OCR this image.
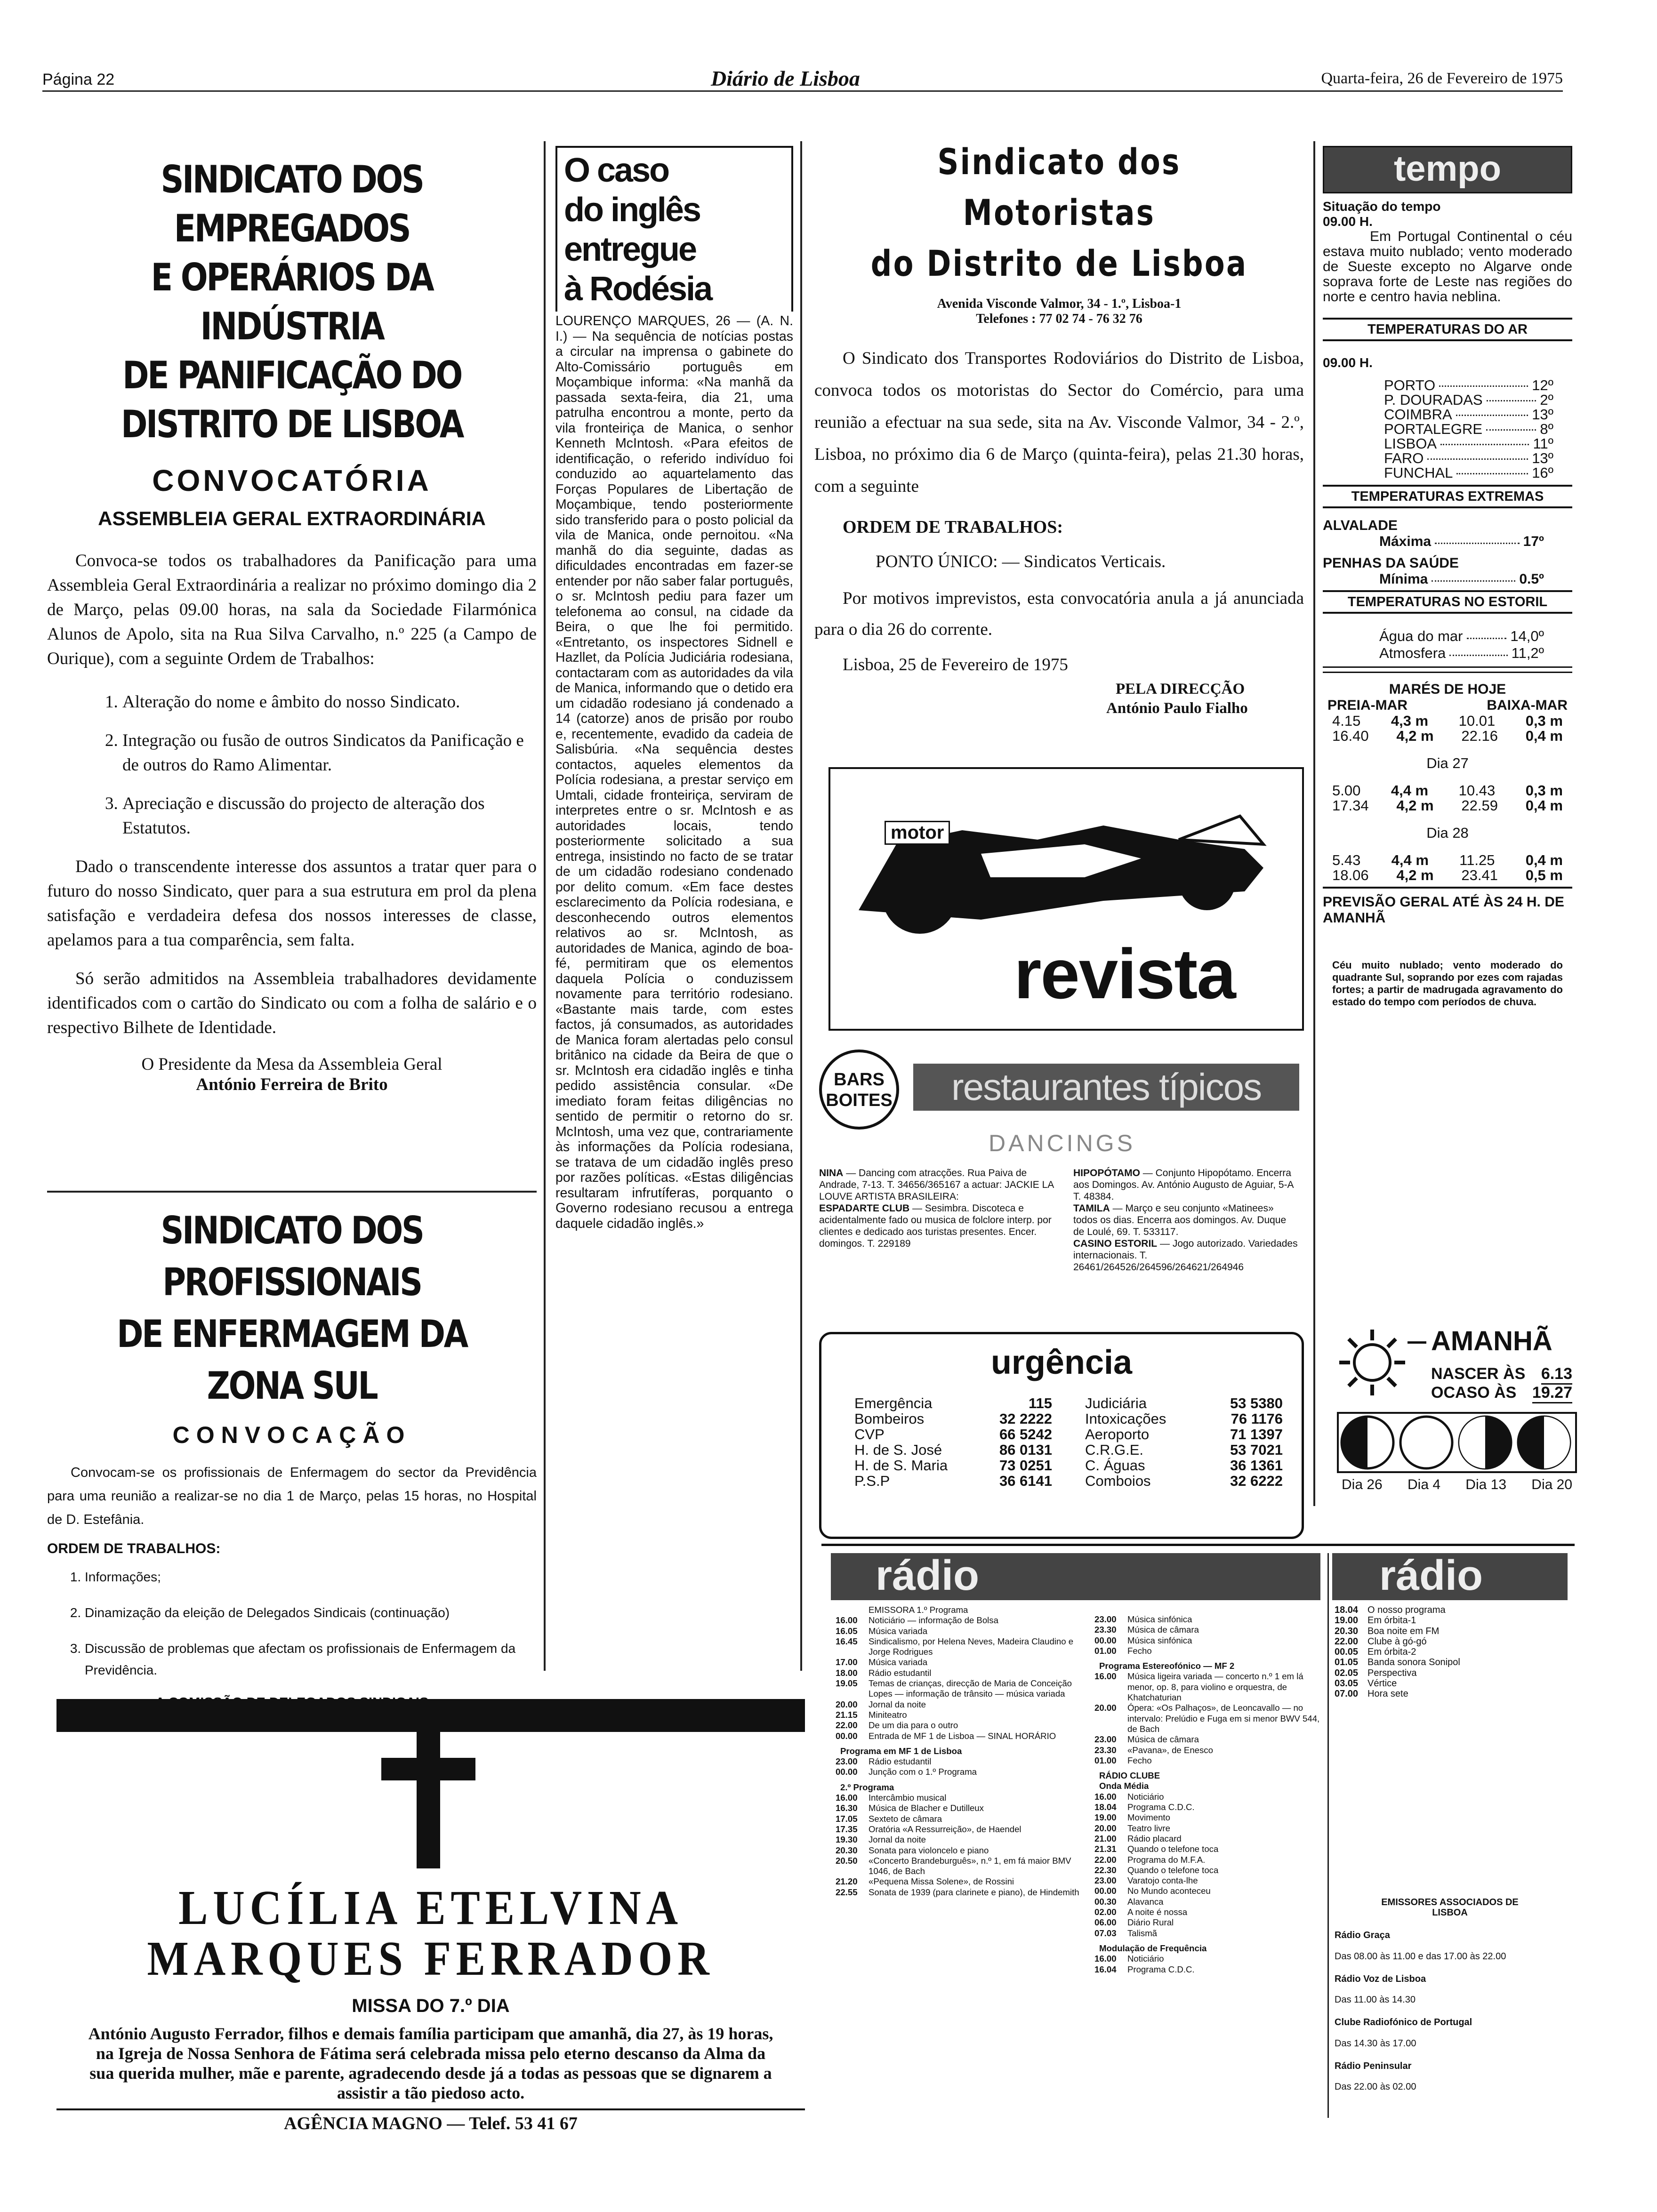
Página 22	Diário de Lisboa	Quarta-feira, 26 de Fevereiro de 1975
SINDICATO DOS EMPREGADOS
E OPERÁRIOS DA INDÚSTRIA
DE PANIFICAÇÃO DO
DISTRITO DE LISBOA
CONVOCATÓRIA
ASSEMBLEIA GERAL EXTRAORDINÁRIA

Convoca-se todos os trabalhadores da Panificação para uma Assembleia Geral Extraordinária a realizar no próximo domingo dia 2 de Março, pelas 09.00 horas, na sala da Sociedade Filarmónica Alunos de Apolo, sita na Rua Silva Carvalho, n.º 225 (a Campo de Ourique), com a seguinte Ordem de Trabalhos:

1. Alteração do nome e âmbito do nosso Sindicato.
2. Integração ou fusão de outros Sindicatos da Panificação e de outros do Ramo Alimentar.
3. Apreciação e discussão do projecto de alteração dos Estatutos.

Dado o transcendente interesse dos assuntos a tratar quer para o futuro do nosso Sindicato, quer para a sua estrutura em prol da plena satisfação e verdadeira defesa dos nossos interesses de classe, apelamos para a tua comparência, sem falta.

Só serão admitidos na Assembleia trabalhadores devidamente identificados com o cartão do Sindicato ou com a folha de salário e o respectivo Bilhete de Identidade.

O Presidente da Mesa da Assembleia Geral

António Ferreira de Brito

SINDICATO DOS PROFISSIONAIS
DE ENFERMAGEM DA ZONA SUL
CONVOCAÇÃO

Convocam-se os profissionais de Enfermagem do sector da Previdência para uma reunião a realizar-se no dia 1 de Março, pelas 15 horas, no Hospital de D. Estefânia.

ORDEM DE TRABALHOS:

1. Informações;
2. Dinamização da eleição de Delegados Sindicais (continuação)
3. Discussão de problemas que afectam os profissionais de Enfermagem da Previdência.

O caso
do inglês
entregue
à Rodésia

LOURENÇO MARQUES, 26 — (A. N. I.) — Na sequência de notícias postas a circular na imprensa o gabinete do Alto-Comissário português em Moçambique informa: «Na manhã da passada sexta-feira, dia 21, uma patrulha encontrou a monte, perto da vila fronteiriça de Manica, o senhor Kenneth McIntosh. «Para efeitos de identificação, o referido indivíduo foi conduzido ao aquartelamento das Forças Populares de Libertação de Moçambique, tendo posteriormente sido transferido para o posto policial da vila de Manica, onde pernoitou. «Na manhã do dia seguinte, dadas as dificuldades encontradas em fazer-se entender por não saber falar português, o sr. McIntosh pediu para fazer um telefonema ao consul, na cidade da Beira, o que lhe foi permitido. «Entretanto, os inspectores Sidnell e Hazllet, da Polícia Judiciária rodesiana, contactaram com as autoridades da vila de Manica, informando que o detido era um cidadão rodesiano já condenado a 14 (catorze) anos de prisão por roubo e, recentemente, evadido da cadeia de Salisbúria. «Na sequência destes contactos, aqueles elementos da Polícia rodesiana, a prestar serviço em Umtali, cidade fronteiriça, serviram de interpretes entre o sr. McIntosh e as autoridades locais, tendo posteriormente solicitado a sua entrega, insistindo no facto de se tratar de um cidadão rodesiano condenado por delito comum. «Em face destes esclarecimento da Polícia rodesiana, e desconhecendo outros elementos relativos ao sr. McIntosh, as autoridades de Manica, agindo de boa-fé, permitiram que os elementos daquela Polícia o conduzissem novamente para território rodesiano. «Bastante mais tarde, com estes factos, já consumados, as autoridades de Manica foram alertadas pelo consul britânico na cidade da Beira de que o sr. McIntosh era cidadão inglês e tinha pedido assistência consular. «De imediato foram feitas diligências no sentido de permitir o retorno do sr. McIntosh, uma vez que, contrariamente às informações da Polícia rodesiana, se tratava de um cidadão inglês preso por razões políticas. «Estas diligências resultaram infrutíferas, porquanto o Governo rodesiano recusou a entrega daquele cidadão inglês.»

Sindicato dos Motoristas
do Distrito de Lisboa

Avenida Visconde Valmor, 34 - 1.º, Lisboa-1

Telefones : 77 02 74 - 76 32 76

O Sindicato dos Transportes Rodoviários do Distrito de Lisboa, convoca todos os motoristas do Sector do Comércio, para uma reunião a efectuar na sua sede, sita na Av. Visconde Valmor, 34 - 2.º, Lisboa, no próximo dia 6 de Março (quinta-feira), pelas 21.30 horas, com a seguinte

ORDEM DE TRABALHOS:

PONTO ÚNICO: — Sindicatos Verticais.

Por motivos imprevistos, esta convocatória anula a já anunciada para o dia 26 do corrente.

Lisboa, 25 de Fevereiro de 1975

PELA DIRECÇÃO

António Paulo Fialho

motor
revista
BARS
BOITES	restaurantes típicos
DANCINGS

NINA — Dancing com atracções. Rua Paiva de Andrade, 7-13. T. 34656/365167 a actuar: JACKIE LA LOUVE ARTISTA BRASILEIRA:

ESPADARTE CLUB — Sesimbra. Discoteca e acidentalmente fado ou musica de folclore interp. por clientes e dedicado aos turistas presentes. Encer. domingos. T. 229189

HIPOPÓTAMO — Conjunto Hipopótamo. Encerra aos Domingos. Av. António Augusto de Aguiar, 5-A T. 48384.

TAMILA — Março e seu conjunto «Matinees» todos os dias. Encerra aos domingos. Av. Duque de Loulé, 69. T. 533117.

CASINO ESTORIL — Jogo autorizado. Variedades internacionais. T. 26461/264526/264596/264621/264946

urgência
Emergência	115
Bombeiros	32 2222
CVP	66 5242
H. de S. José	86 0131
H. de S. Maria	73 0251
P.S.P	36 6141
Judiciária	53 5380
Intoxicações	76 1176
Aeroporto	71 1397
C.R.G.E.	53 7021
C. Águas	36 1361
Comboios	32 6222
tempo

Situação do tempo

09.00 H.

Em Portugal Continental o céu estava muito nublado; vento moderado de Sueste excepto no Algarve onde soprava forte de Leste nas regiões do norte e centro havia neblina.

TEMPERATURAS DO AR

09.00 H.

PORTO	12º
P. DOURADAS	2º
COIMBRA	13º
PORTALEGRE	8º
LISBOA	11º
FARO	13º
FUNCHAL	16º
TEMPERATURAS EXTREMAS

ALVALADE

Máxima	17º

PENHAS DA SAÚDE

Mínima	0.5º
TEMPERATURAS NO ESTORIL
Água do mar	14,0º
Atmosfera	11,2º
MARÉS DE HOJE
PREIA-MAR	BAIXA-MAR
4.15 4,3 m 10.01 0,3 m
16.40 4,2 m 22.16 0,4 m
Dia 27
5.00 4,4 m 10.43 0,3 m
17.34 4,2 m 22.59 0,4 m
Dia 28
5.43 4,4 m 11.25 0,4 m
18.06 4,2 m 23.41 0,5 m

PREVISÃO GERAL ATÉ ÀS 24 H. DE AMANHÃ

Céu muito nublado; vento moderado do quadrante Sul, soprando por ezes com rajadas fortes; a partir de madrugada agravamento do estado do tempo com períodos de chuva.

AMANHÃ
NASCER ÀS 6.13
OCASO ÀS 19.27
Dia 26 Dia 4 Dia 13 Dia 20
rádio	rádio
EMISSORA 1.º Programa
16.00	Noticiário — informação de Bolsa
16.05	Música variada
16.45	Sindicalismo, por Helena Neves, Madeira Claudino e Jorge Rodrigues
17.00	Música variada
18.00	Rádio estudantil
19.05	Temas de crianças, direcção de Maria de Conceição Lopes — informação de trânsito — música variada
20.00	Jornal da noite
21.15	Miniteatro
22.00	De um dia para o outro
00.00	Entrada de MF 1 de Lisboa — SINAL HORÁRIO
Programa em MF 1 de Lisboa
23.00	Rádio estudantil
00.00	Junção com o 1.º Programa
2.º Programa
16.00	Intercâmbio musical
16.30	Música de Blacher e Dutilleux
17.05	Sexteto de câmara
17.35	Oratória «A Ressurreição», de Haendel
19.30	Jornal da noite
20.30	Sonata para violoncelo e piano
20.50	«Concerto Brandeburguês», n.º 1, em fá maior BMV 1046, de Bach
21.20	«Pequena Missa Solene», de Rossini
22.55	Sonata de 1939 (para clarinete e piano), de Hindemith
23.00	Música sinfónica
23.30	Música de câmara
00.00	Música sinfónica
01.00	Fecho
Programa Estereofónico — MF 2
16.00	Música ligeira variada — concerto n.º 1 em lá menor, op. 8, para violino e orquestra, de Khatchaturian
20.00	Ópera: «Os Palhaços», de Leoncavallo — no intervalo: Prelúdio e Fuga em si menor BWV 544, de Bach
23.00	Música de câmara
23.30	«Pavana», de Enesco
01.00	Fecho
RÁDIO CLUBE
Onda Média
16.00	Noticiário
18.04	Programa C.D.C.
19.00	Movimento
20.00	Teatro livre
21.00	Rádio placard
21.31	Quando o telefone toca
22.00	Programa do M.F.A.
22.30	Quando o telefone toca
23.00	Varatojo conta-lhe
00.00	No Mundo aconteceu
00.30	Alavanca
02.00	A noite é nossa
06.00	Diário Rural
07.03	Talismã
Modulação de Frequência
16.00	Noticiário
16.04	Programa C.D.C.
18.04 O nosso programa
19.00 Em órbita-1
20.30 Boa noite em FM
22.00 Clube à gó-gó
00.05 Em órbita-2
01.05 Banda sonora Sonipol
02.05 Perspectiva
03.05 Vértice
07.00 Hora sete
EMISSORES ASSOCIADOS DE LISBOA
Rádio Graça
Das 08.00 às 11.00 e das 17.00 às 22.00
Rádio Voz de Lisboa
Das 11.00 às 14.30
Clube Radiofónico de Portugal
Das 14.30 às 17.00
Rádio Peninsular
Das 22.00 às 02.00
LUCÍLIA ETELVINA
MARQUES FERRADOR
MISSA DO 7.º DIA

António Augusto Ferrador, filhos e demais família participam que amanhã, dia 27, às 19 horas, na Igreja de Nossa Senhora de Fátima será celebrada missa pelo eterno descanso da Alma da sua querida mulher, mãe e parente, agradecendo desde já a todas as pessoas que se dignarem a assistir a tão piedoso acto.

AGÊNCIA MAGNO — Telef. 53 41 67
